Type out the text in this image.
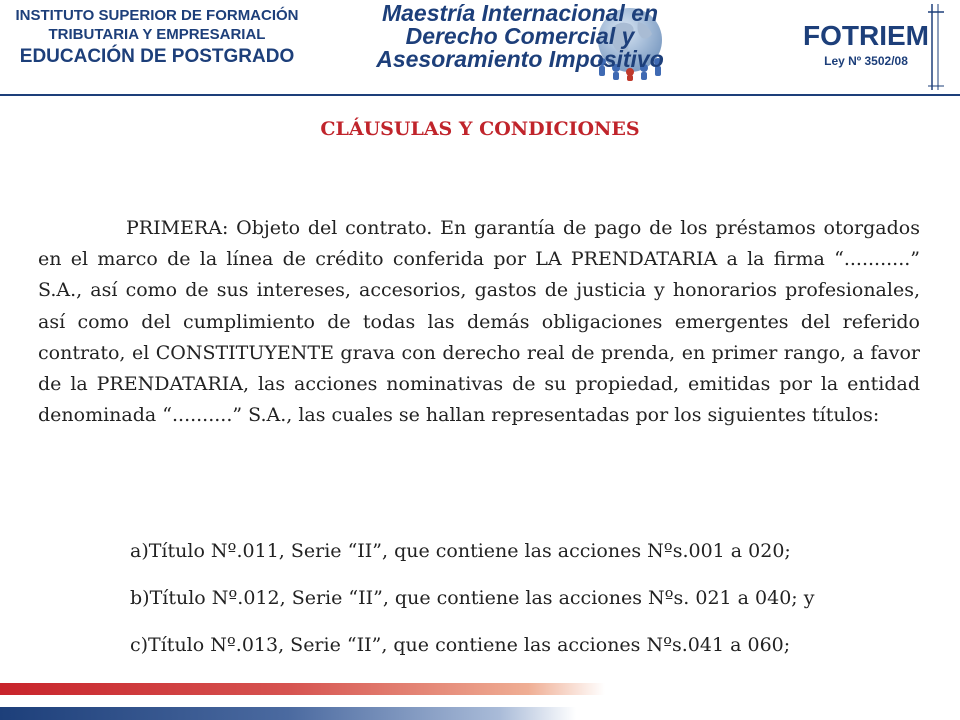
INSTITUTO SUPERIOR DE FORMACIÓN
TRIBUTARIA Y EMPRESARIAL
EDUCACIÓN DE POSTGRADO
Maestría Internacional en
Derecho Comercial y
Asesoramiento Impositivo
FOTRIEM
Ley Nº 3502/08
CLÁUSULAS Y CONDICIONES
PRIMERA: Objeto del contrato. En garantía de pago de los préstamos otorgados en el marco de la línea de crédito conferida por LA PRENDATARIA a la firma “...........” S.A., así como de sus intereses, accesorios, gastos de justicia y honorarios profesionales, así como del cumplimiento de todas las demás obligaciones emergentes del referido contrato, el CONSTITUYENTE grava con derecho real de prenda, en primer rango, a favor de la PRENDATARIA, las acciones nominativas de su propiedad, emitidas por la entidad denominada “..........” S.A., las cuales se hallan representadas por los siguientes títulos:
a)Título Nº.011, Serie “II”, que contiene las acciones Nºs.001 a 020;
b)Título Nº.012, Serie “II”, que contiene las acciones Nºs. 021 a 040; y
c)Título Nº.013, Serie “II”, que contiene las acciones Nºs.041 a 060;
